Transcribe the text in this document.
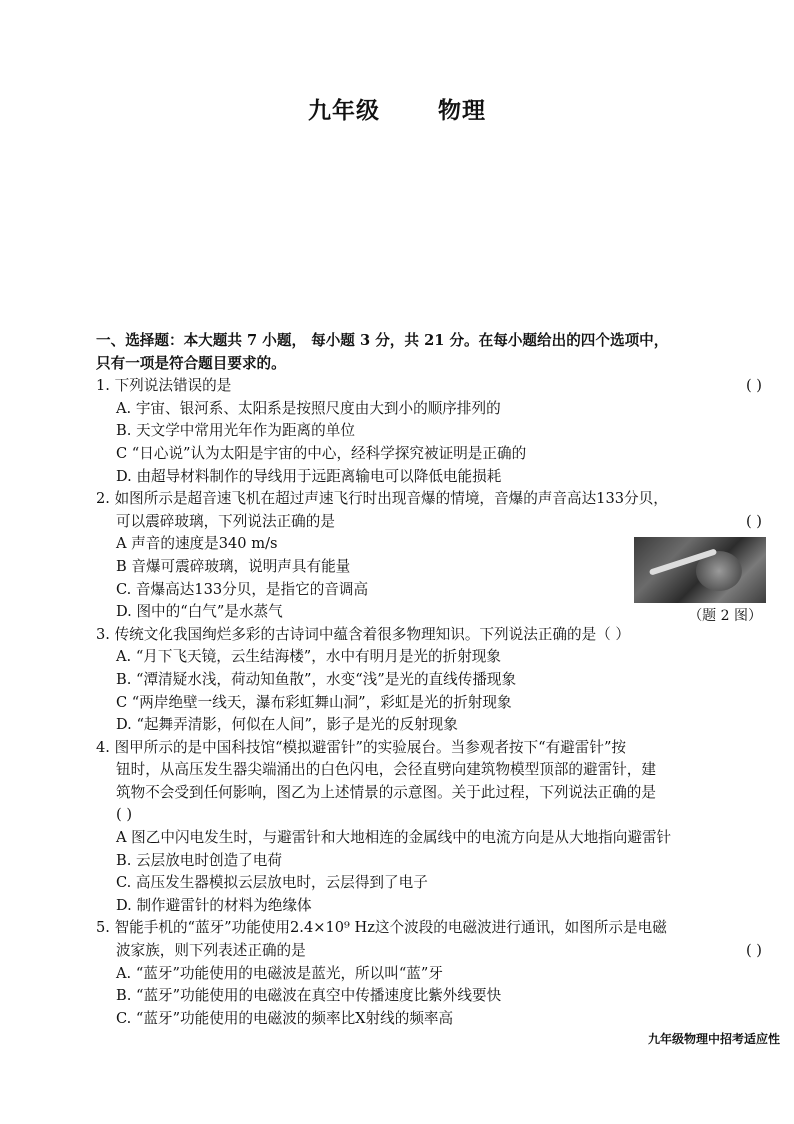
九年级	物理
一、选择题：本大题共 7 小题， 每小题 3 分，共 21 分。在每小题给出的四个选项中，
只有一项是符合题目要求的。
1. 下列说法错误的是	( )
A. 宇宙、银河系、太阳系是按照尺度由大到小的顺序排列的
B. 天文学中常用光年作为距离的单位
C “日心说”认为太阳是宇宙的中心，经科学探究被证明是正确的
D. 由超导材料制作的导线用于远距离输电可以降低电能损耗
2. 如图所示是超音速飞机在超过声速飞行时出现音爆的情境，音爆的声音高达133分贝，
可以震碎玻璃，下列说法正确的是	( )
A 声音的速度是340 m/s
B 音爆可震碎玻璃，说明声具有能量
C. 音爆高达133分贝，是指它的音调高
D. 图中的“白气”是水蒸气	（题 2 图）
3. 传统文化我国绚烂多彩的古诗词中蕴含着很多物理知识。下列说法正确的是（ ）
A. “月下飞天镜，云生结海楼”，水中有明月是光的折射现象
B. “潭清疑水浅，荷动知鱼散”，水变“浅”是光的直线传播现象
C “两岸绝壁一线天，瀑布彩虹舞山洞”，彩虹是光的折射现象
D. “起舞弄清影，何似在人间”，影子是光的反射现象
4. 图甲所示的是中国科技馆“模拟避雷针”的实验展台。当参观者按下“有避雷针”按
钮时，从高压发生器尖端涌出的白色闪电，会径直劈向建筑物模型顶部的避雷针，建
筑物不会受到任何影响，图乙为上述情景的示意图。关于此过程，下列说法正确的是
( )
A 图乙中闪电发生时，与避雷针和大地相连的金属线中的电流方向是从大地指向避雷针
B. 云层放电时创造了电荷
C. 高压发生器模拟云层放电时，云层得到了电子
D. 制作避雷针的材料为绝缘体
5. 智能手机的“蓝牙”功能使用2.4×10⁹ Hz这个波段的电磁波进行通讯，如图所示是电磁
波家族，则下列表述正确的是	( )
A. “蓝牙”功能使用的电磁波是蓝光，所以叫“蓝”牙
B. “蓝牙”功能使用的电磁波在真空中传播速度比紫外线要快
C. “蓝牙”功能使用的电磁波的频率比X射线的频率高
九年级物理中招考适应性
